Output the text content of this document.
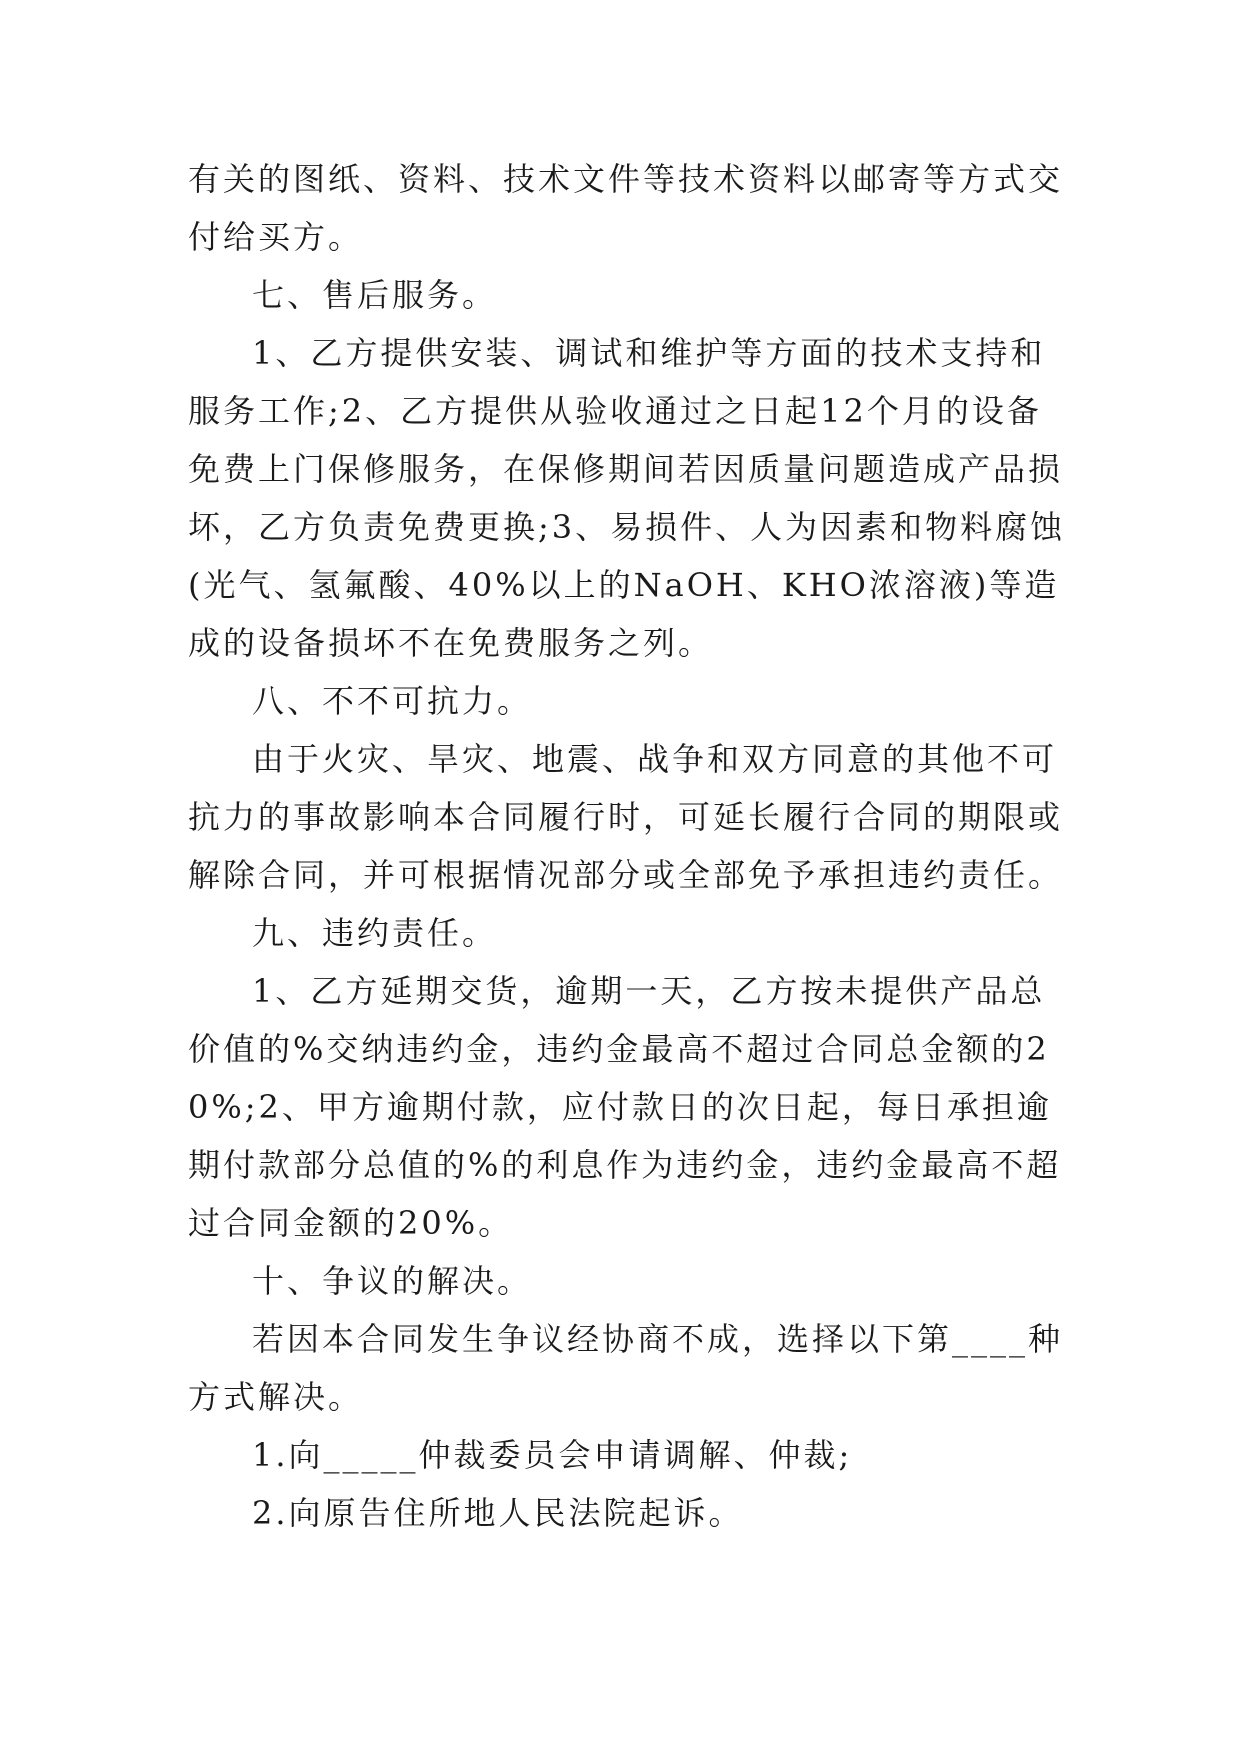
有关的图纸、资料、技术文件等技术资料以邮寄等方式交付给买方。

七、售后服务。

1、乙方提供安装、调试和维护等方面的技术支持和服务工作;2、乙方提供从验收通过之日起12个月的设备免费上门保修服务，在保修期间若因质量问题造成产品损坏，乙方负责免费更换;3、易损件、人为因素和物料腐蚀(光气、氢氟酸、40%以上的NaOH、KHO浓溶液)等造成的设备损坏不在免费服务之列。

八、不不可抗力。

由于火灾、旱灾、地震、战争和双方同意的其他不可抗力的事故影响本合同履行时，可延长履行合同的期限或解除合同，并可根据情况部分或全部免予承担违约责任。

九、违约责任。

1、乙方延期交货，逾期一天，乙方按未提供产品总价值的%交纳违约金，违约金最高不超过合同总金额的20%;2、甲方逾期付款，应付款日的次日起，每日承担逾期付款部分总值的%的利息作为违约金，违约金最高不超过合同金额的20%。

十、争议的解决。

若因本合同发生争议经协商不成，选择以下第____种方式解决。

1.向_____仲裁委员会申请调解、仲裁;

2.向原告住所地人民法院起诉。
